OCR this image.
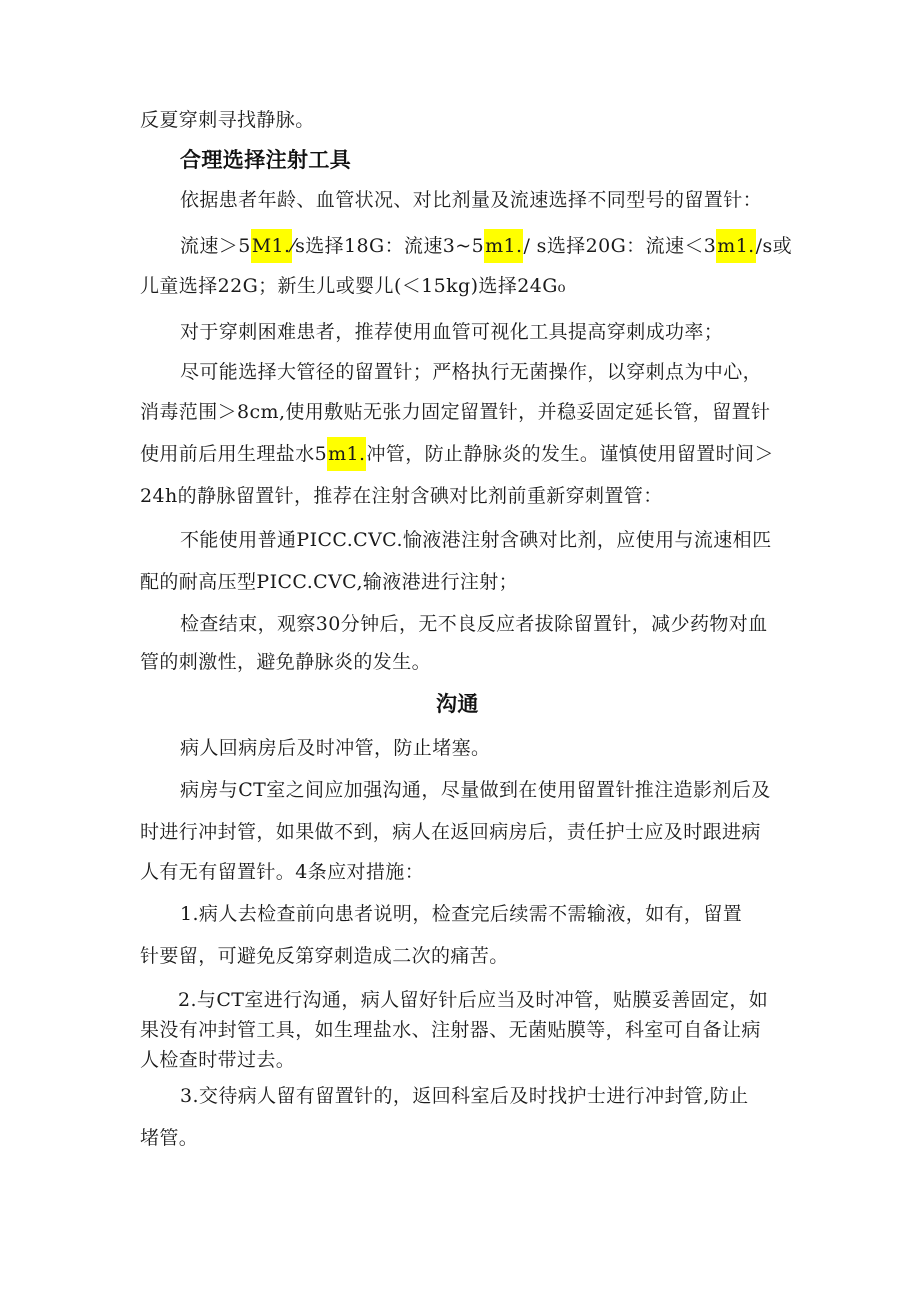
反夏穿刺寻找静脉。
合理选择注射工具
依据患者年龄、血管状况、对比剂量及流速选择不同型号的留置针：
流速＞5M1.⁄s选择18G：流速3~5m1./ s选择20G：流速＜3m1./s或
儿童选择22G；新生儿或婴儿(＜15kg)选择24G₀
对于穿刺困难患者，推荐使用血管可视化工具提高穿刺成功率；
尽可能选择大管径的留置针；严格执行无菌操作，以穿刺点为中心，
消毒范围＞8cm,使用敷贴无张力固定留置针，并稳妥固定延长管，留置针
使用前后用生理盐水5m1.冲管，防止静脉炎的发生。谨慎使用留置时间＞
24h的静脉留置针，推荐在注射含碘对比剂前重新穿刺置管：
不能使用普通PICC.CVC.愉液港注射含碘对比剂，应使用与流速相匹
配的耐高压型PICC.CVC,输液港进行注射；
检查结束，观察30分钟后，无不良反应者拔除留置针，减少药物对血
管的刺激性，避免静脉炎的发生。
沟通
病人回病房后及时冲管，防止堵塞。
病房与CT室之间应加强沟通，尽量做到在使用留置针推注造影剂后及
时进行冲封管，如果做不到，病人在返回病房后，责任护士应及时跟进病
人有无有留置针。4条应对措施：
1.病人去检查前向患者说明，检查完后续需不需输液，如有，留置
针要留，可避免反第穿刺造成二次的痛苦。
2.与CT室进行沟通，病人留好针后应当及时冲管，贴膜妥善固定，如
果没有冲封管工具，如生理盐水、注射器、无菌贴膜等，科室可自备让病
人检查时带过去。
3.交待病人留有留置针的，返回科室后及时找护士进行冲封管,防止
堵管。
